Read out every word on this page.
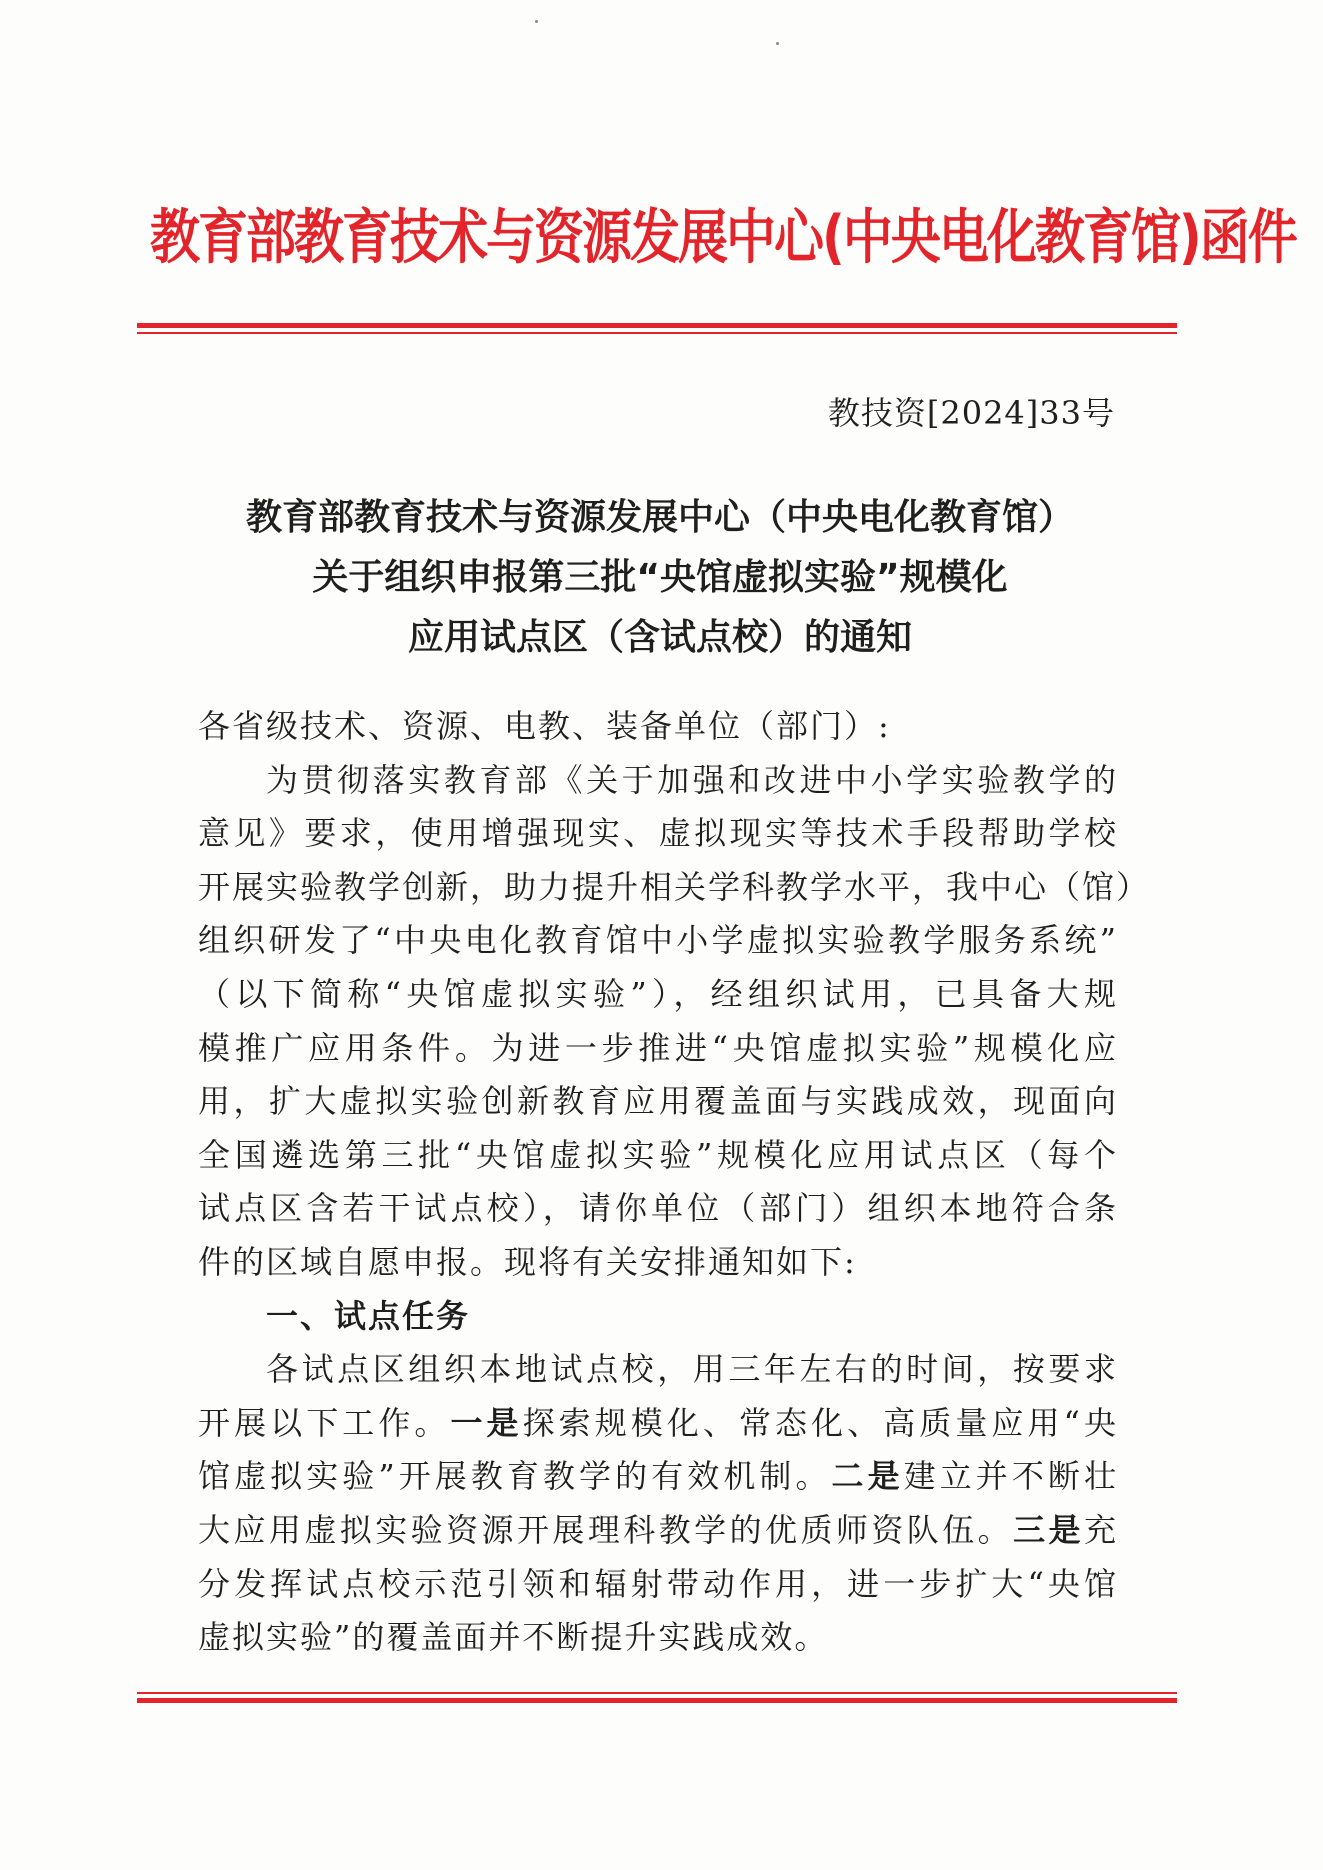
教育部教育技术与资源发展中心(中央电化教育馆)函件
教技资[2024]33号
教育部教育技术与资源发展中心（中央电化教育馆）
关于组织申报第三批“央馆虚拟实验”规模化
应用试点区（含试点校）的通知
各省级技术、资源、电教、装备单位（部门）:
为贯彻落实教育部《关于加强和改进中小学实验教学的
意见》要求，使用增强现实、虚拟现实等技术手段帮助学校
开展实验教学创新，助力提升相关学科教学水平，我中心（馆）
组织研发了“中央电化教育馆中小学虚拟实验教学服务系统”
（以下简称“央馆虚拟实验”），经组织试用，已具备大规
模推广应用条件。为进一步推进“央馆虚拟实验”规模化应
用，扩大虚拟实验创新教育应用覆盖面与实践成效，现面向
全国遴选第三批“央馆虚拟实验”规模化应用试点区（每个
试点区含若干试点校），请你单位（部门）组织本地符合条
件的区域自愿申报。现将有关安排通知如下:
一、试点任务
各试点区组织本地试点校，用三年左右的时间，按要求
开展以下工作。一是探索规模化、常态化、高质量应用“央
馆虚拟实验”开展教育教学的有效机制。二是建立并不断壮
大应用虚拟实验资源开展理科教学的优质师资队伍。三是充
分发挥试点校示范引领和辐射带动作用，进一步扩大“央馆
虚拟实验”的覆盖面并不断提升实践成效。
